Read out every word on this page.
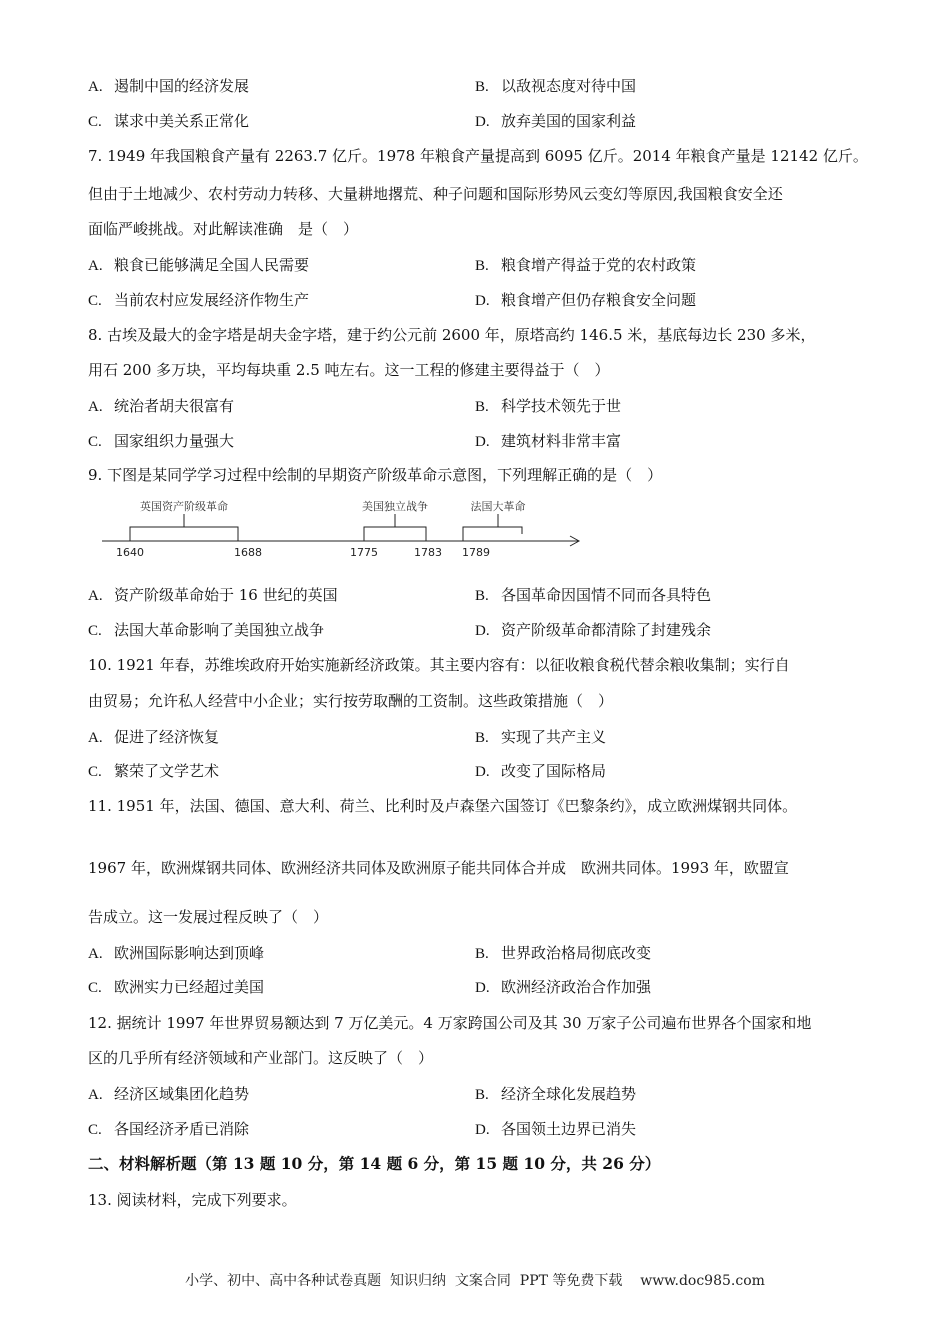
A. 遏制中国的经济发展	B. 以敌视态度对待中国
C. 谋求中美关系正常化	D. 放弃美国的国家利益
7. 1949 年我国粮食产量有 2263.7 亿斤。1978 年粮食产量提高到 6095 亿斤。2014 年粮食产量是 12142 亿斤。
但由于土地减少、农村劳动力转移、大量耕地撂荒、种子问题和国际形势风云变幻等原因,我国粮食安全还
面临严峻挑战。对此解读准确　是（　）
A. 粮食已能够满足全国人民需要	B. 粮食增产得益于党的农村政策
C. 当前农村应发展经济作物生产	D. 粮食增产但仍存粮食安全问题
8. 古埃及最大的金字塔是胡夫金字塔，建于约公元前 2600 年，原塔高约 146.5 米，基底每边长 230 多米，
用石 200 多万块，平均每块重 2.5 吨左右。这一工程的修建主要得益于（　）
A. 统治者胡夫很富有	B. 科学技术领先于世
C. 国家组织力量强大	D. 建筑材料非常丰富
9. 下图是某同学学习过程中绘制的早期资产阶级革命示意图，下列理解正确的是（　）
英国资产阶级革命	美国独立战争	法国大革命
1640	1688	1775	1783 1789
A. 资产阶级革命始于 16 世纪的英国	B. 各国革命因国情不同而各具特色
C. 法国大革命影响了美国独立战争	D. 资产阶级革命都清除了封建残余
10. 1921 年春，苏维埃政府开始实施新经济政策。其主要内容有：以征收粮食税代替余粮收集制；实行自
由贸易；允许私人经营中小企业；实行按劳取酬的工资制。这些政策措施（　）
A. 促进了经济恢复	B. 实现了共产主义
C. 繁荣了文学艺术	D. 改变了国际格局
11. 1951 年，法国、德国、意大利、荷兰、比利时及卢森堡六国签订《巴黎条约》，成立欧洲煤钢共同体。
1967 年，欧洲煤钢共同体、欧洲经济共同体及欧洲原子能共同体合并成　欧洲共同体。1993 年，欧盟宣
告成立。这一发展过程反映了（　）
A. 欧洲国际影响达到顶峰	B. 世界政治格局彻底改变
C. 欧洲实力已经超过美国	D. 欧洲经济政治合作加强
12. 据统计 1997 年世界贸易额达到 7 万亿美元。4 万家跨国公司及其 30 万家子公司遍布世界各个国家和地
区的几乎所有经济领域和产业部门。这反映了（　）
A. 经济区域集团化趋势	B. 经济全球化发展趋势
C. 各国经济矛盾已消除	D. 各国领土边界已消失
二、材料解析题（第 13 题 10 分，第 14 题 6 分，第 15 题 10 分，共 26 分）
13. 阅读材料，完成下列要求。
小学、初中、高中各种试卷真题  知识归纳  文案合同  PPT 等免费下载    www.doc985.com
